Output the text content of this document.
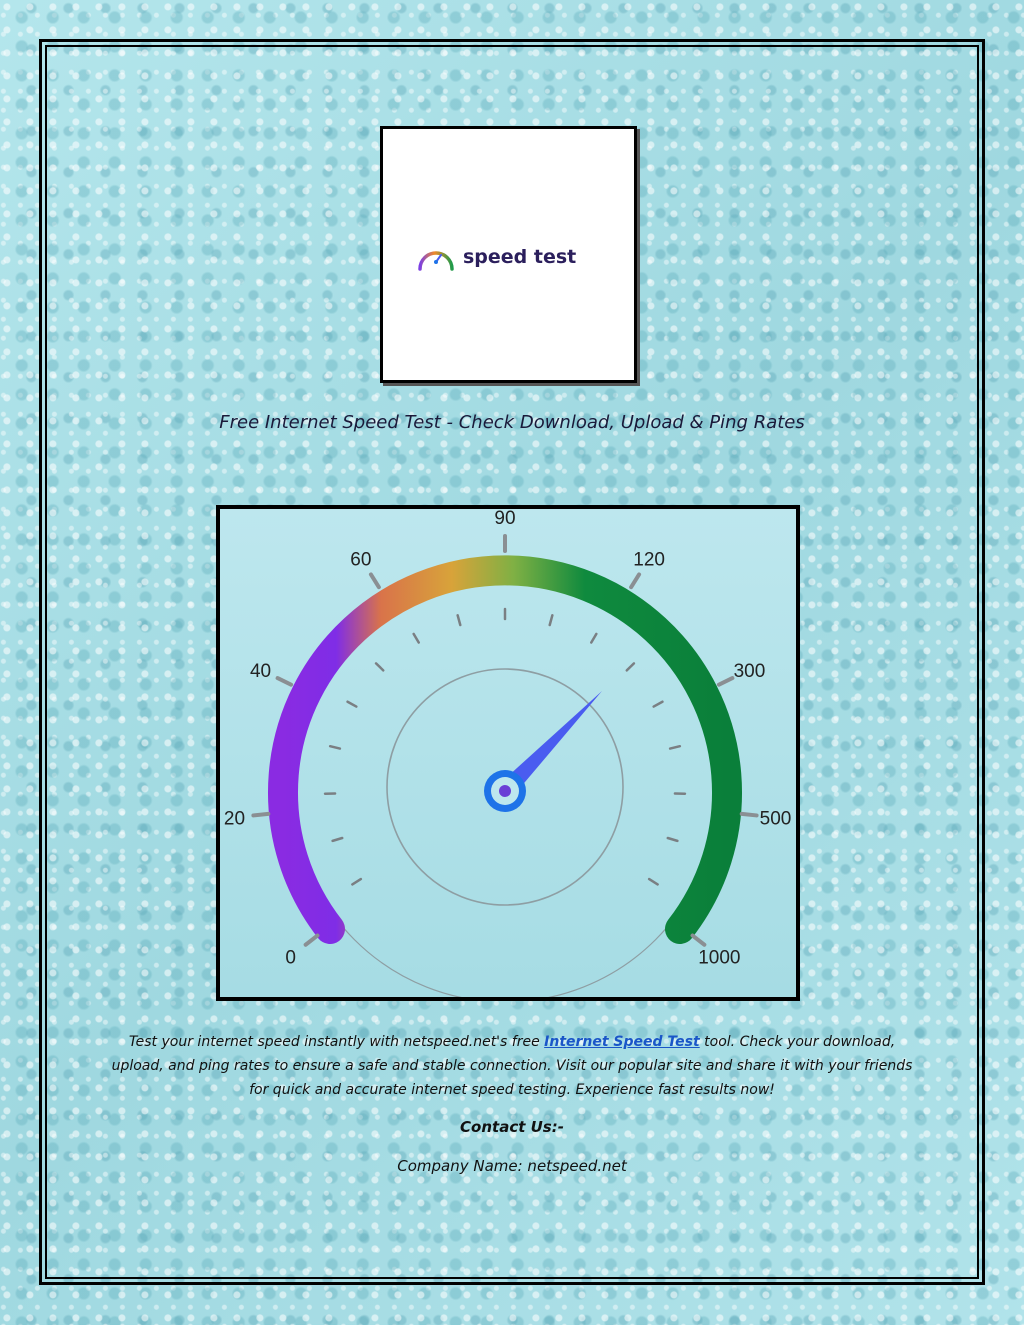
speed test
Free Internet Speed Test - Check Download, Upload & Ping Rates
0
20
40
60
90
120
300
500
1000
Test your internet speed instantly with netspeed.net's free Internet Speed Test tool. Check your download, upload, and ping rates to ensure a safe and stable connection. Visit our popular site and share it with your friends for quick and accurate internet speed testing. Experience fast results now!
Contact Us:-
Company Name: netspeed.net
